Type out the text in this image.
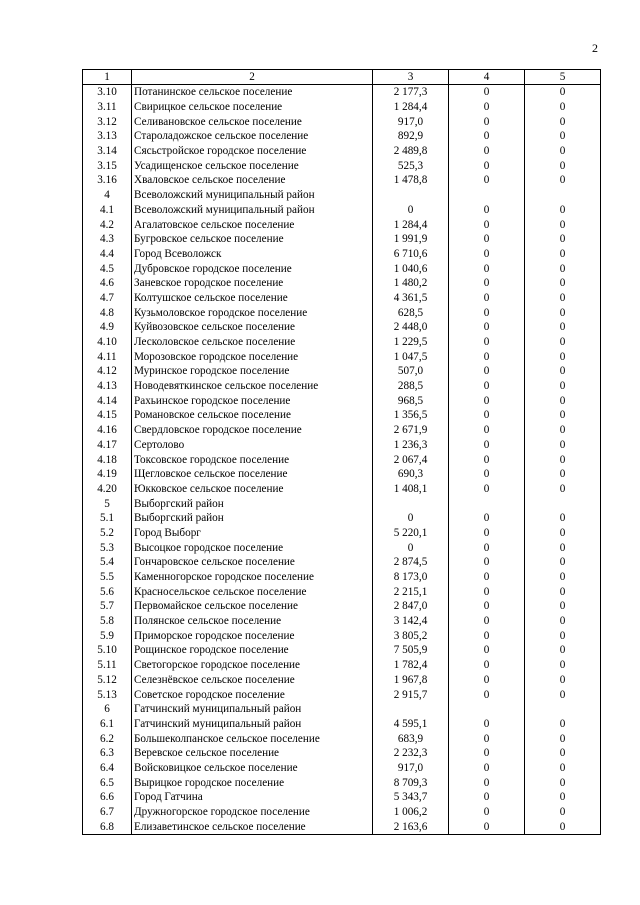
2
1	2	3	4	5
3.10	Потанинское сельское поселение	2 177,3	0	0
3.11	Свирицкое сельское поселение	1 284,4	0	0
3.12	Селивановское сельское поселение	917,0	0	0
3.13	Староладожское сельское поселение	892,9	0	0
3.14	Сясьстройское городское поселение	2 489,8	0	0
3.15	Усадищенское сельское поселение	525,3	0	0
3.16	Хваловское сельское поселение	1 478,8	0	0
4	Всеволожский муниципальный район			
4.1	Всеволожский муниципальный район	0	0	0
4.2	Агалатовское сельское поселение	1 284,4	0	0
4.3	Бугровское сельское поселение	1 991,9	0	0
4.4	Город Всеволожск	6 710,6	0	0
4.5	Дубровское городское поселение	1 040,6	0	0
4.6	Заневское городское поселение	1 480,2	0	0
4.7	Колтушское сельское поселение	4 361,5	0	0
4.8	Кузьмоловское городское поселение	628,5	0	0
4.9	Куйвозовское сельское поселение	2 448,0	0	0
4.10	Лесколовское сельское поселение	1 229,5	0	0
4.11	Морозовское городское поселение	1 047,5	0	0
4.12	Муринское городское поселение	507,0	0	0
4.13	Новодевяткинское сельское поселение	288,5	0	0
4.14	Рахьинское городское поселение	968,5	0	0
4.15	Романовское сельское поселение	1 356,5	0	0
4.16	Свердловское городское поселение	2 671,9	0	0
4.17	Сертолово	1 236,3	0	0
4.18	Токсовское городское поселение	2 067,4	0	0
4.19	Щегловское сельское поселение	690,3	0	0
4.20	Юкковское сельское поселение	1 408,1	0	0
5	Выборгский район			
5.1	Выборгский район	0	0	0
5.2	Город Выборг	5 220,1	0	0
5.3	Высоцкое городское поселение	0	0	0
5.4	Гончаровское сельское поселение	2 874,5	0	0
5.5	Каменногорское городское поселение	8 173,0	0	0
5.6	Красносельское сельское поселение	2 215,1	0	0
5.7	Первомайское сельское поселение	2 847,0	0	0
5.8	Полянское сельское поселение	3 142,4	0	0
5.9	Приморское городское поселение	3 805,2	0	0
5.10	Рощинское городское поселение	7 505,9	0	0
5.11	Светогорское городское поселение	1 782,4	0	0
5.12	Селезнёвское сельское поселение	1 967,8	0	0
5.13	Советское городское поселение	2 915,7	0	0
6	Гатчинский муниципальный район			
6.1	Гатчинский муниципальный район	4 595,1	0	0
6.2	Большеколпанское сельское поселение	683,9	0	0
6.3	Веревское сельское поселение	2 232,3	0	0
6.4	Войсковицкое сельское поселение	917,0	0	0
6.5	Вырицкое городское поселение	8 709,3	0	0
6.6	Город Гатчина	5 343,7	0	0
6.7	Дружногорское городское поселение	1 006,2	0	0
6.8	Елизаветинское сельское поселение	2 163,6	0	0
